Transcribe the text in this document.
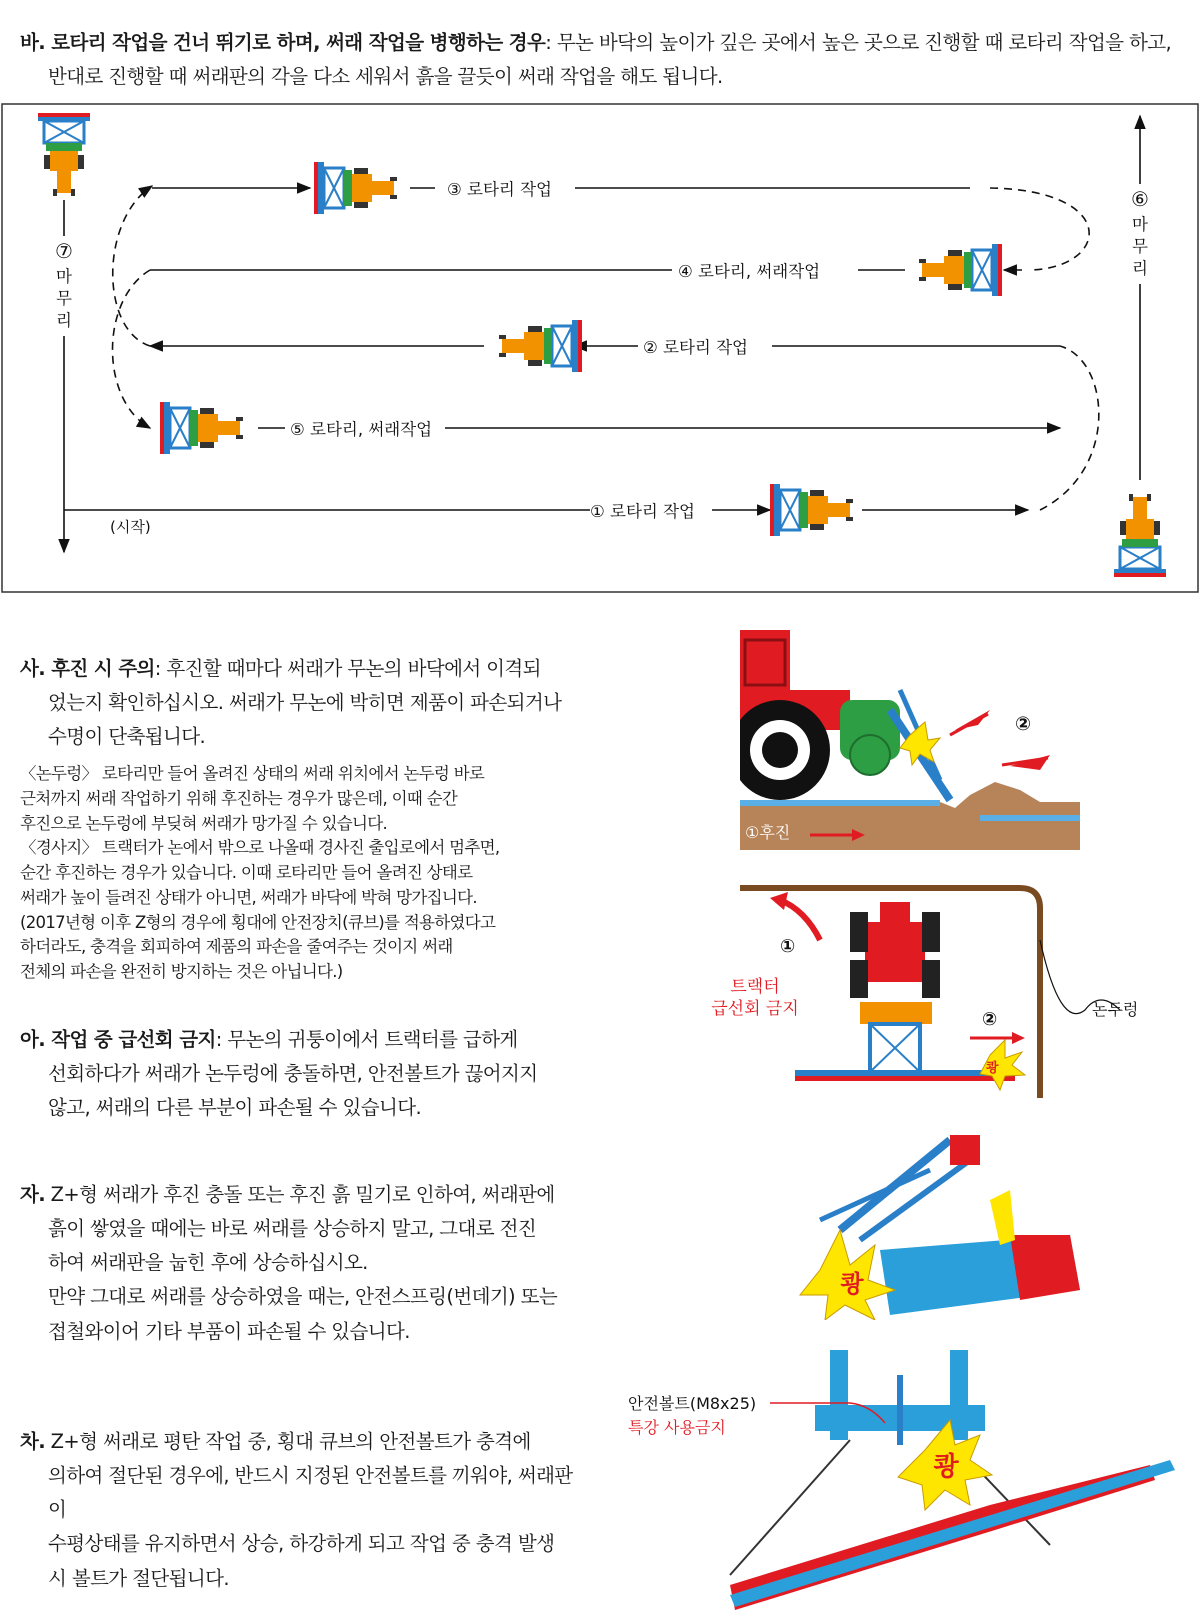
바. 로타리 작업을 건너 뛰기로 하며, 써래 작업을 병행하는 경우: 무논 바닥의 높이가 깊은 곳에서 높은 곳으로 진행할 때 로타리 작업을 하고,
반대로 진행할 때 써래판의 각을 다소 세워서 흙을 끌듯이 써래 작업을 해도 됩니다.
① 로타리 작업
(시작)
② 로타리 작업
③ 로타리 작업
④ 로타리, 써래작업
⑤ 로타리, 써래작업
⑥
마
무
리
⑦
마
무
리
사. 후진 시 주의: 후진할 때마다 써래가 무논의 바닥에서 이격되
었는지 확인하십시오. 써래가 무논에 박히면 제품이 파손되거나
수명이 단축됩니다.
〈논두렁〉 로타리만 들어 올려진 상태의 써래 위치에서 논두렁 바로
근처까지 써래 작업하기 위해 후진하는 경우가 많은데, 이때 순간
후진으로 논두렁에 부딪혀 써래가 망가질 수 있습니다.
〈경사지〉 트랙터가 논에서 밖으로 나올때 경사진 출입로에서 멈추면,
순간 후진하는 경우가 있습니다. 이때 로타리만 들어 올려진 상태로
써래가 높이 들려진 상태가 아니면, 써래가 바닥에 박혀 망가집니다.
(2017년형 이후 Z형의 경우에 횡대에 안전장치(큐브)를 적용하였다고
하더라도, 충격을 회피하여 제품의 파손을 줄여주는 것이지 써래
전체의 파손을 완전히 방지하는 것은 아닙니다.)
아. 작업 중 급선회 금지: 무논의 귀퉁이에서 트랙터를 급하게
선회하다가 써래가 논두렁에 충돌하면, 안전볼트가 끊어지지
않고, 써래의 다른 부분이 파손될 수 있습니다.
자. Z+형 써래가 후진 충돌 또는 후진 흙 밀기로 인하여, 써래판에
흙이 쌓였을 때에는 바로 써래를 상승하지 말고, 그대로 전진
하여 써래판을 눕힌 후에 상승하십시오.
만약 그대로 써래를 상승하였을 때는, 안전스프링(번데기) 또는
접철와이어 기타 부품이 파손될 수 있습니다.
차. Z+형 써래로 평탄 작업 중, 횡대 큐브의 안전볼트가 충격에
의하여 절단된 경우에, 반드시 지정된 안전볼트를 끼워야, 써래판이
수평상태를 유지하면서 상승, 하강하게 되고 작업 중 충격 발생
시 볼트가 절단됩니다.
②
①후진
논두렁
쾅
①
트랙터
급선회 금지	②
쾅
쾅
안전볼트(M8x25)
특강 사용금지
